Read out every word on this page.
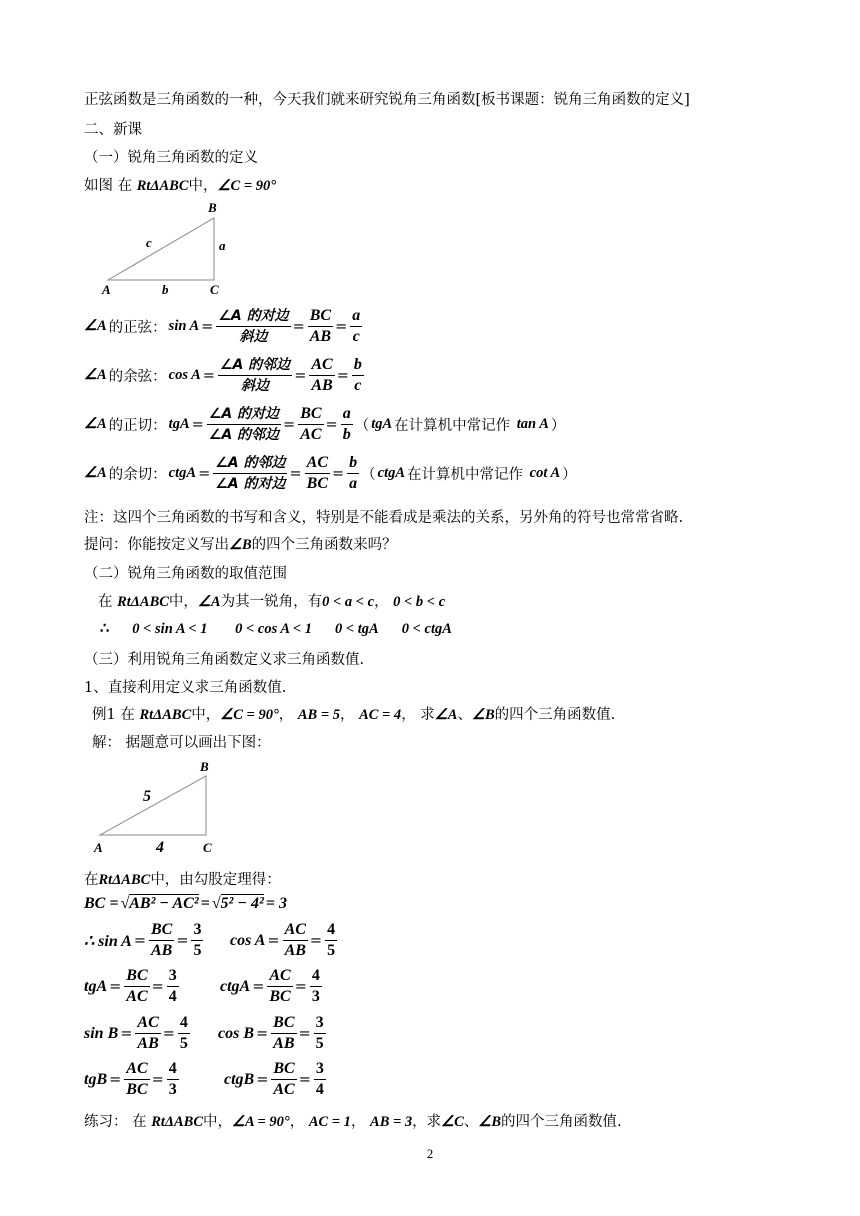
正弦函数是三角函数的一种，今天我们就来研究锐角三角函数[板书课题：锐角三角函数的定义]
二、新课
（一）锐角三角函数的定义
如图 在 RtΔABC中，∠C = 90°
B
c	a
A	b	C
∠A 的正弦： $\sin A = \frac{\text{∠A 的对边}}{\text{斜边}} = \frac{BC}{AB} = \frac{a}{c}$
∠A 的余弦： $\cos A = \frac{\text{∠A 的邻边}}{\text{斜边}} = \frac{AC}{AB} = \frac{b}{c}$
∠A 的正切： tgA = $\frac{\text{∠A 的对边}}{\text{∠A 的邻边}} = \frac{BC}{AC} = \frac{a}{b}$ （ tgA 在计算机中常记作
tan A ）
∠A 的余切： ctgA = $\frac{\text{∠A 的邻边}}{\text{∠A 的对边}} = \frac{AC}{BC} = \frac{b}{a}$ （ ctgA 在计算机中常记作
cot A ）
注：这四个三角函数的书写和含义，特别是不能看成是乘法的关系，另外角的符号也常常省略.
提问：你能按定义写出∠B的四个三角函数来吗？
（二）锐角三角函数的取值范围
在 RtΔABC中，∠A为其一锐角，有0 < a < c， 0 < b < c
∴ 0 < sin A < 1 0 < cos A < 1 0 < tgA 0 < ctgA
（三）利用锐角三角函数定义求三角函数值.
1、直接利用定义求三角函数值.
例1 在 RtΔABC中，∠C = 90°， AB = 5， AC = 4， 求∠A、∠B的四个三角函数值.
解： 据题意可以画出下图：
B
5
4
A	C
在RtΔABC中，由勾股定理得：
BC = √AB² − AC² = √5² − 4² = 3
∴ $\sin A = \frac{BC}{AB} = \frac{3}{5}$ $\cos A = \frac{AC}{AB} = \frac{4}{5}$
tgA = $\frac{BC}{AC} = \frac{3}{4}$	ctgA = $\frac{AC}{BC} = \frac{4}{3}$
$\sin B = \frac{AC}{AB} = \frac{4}{5}$ $\cos B = \frac{BC}{AB} = \frac{3}{5}$
tgB = $\frac{AC}{BC} = \frac{4}{3}$	ctgB = $\frac{BC}{AC} = \frac{3}{4}$
练习： 在 RtΔABC中，∠A = 90°， AC = 1， AB = 3，求∠C、∠B的四个三角函数值.
2
